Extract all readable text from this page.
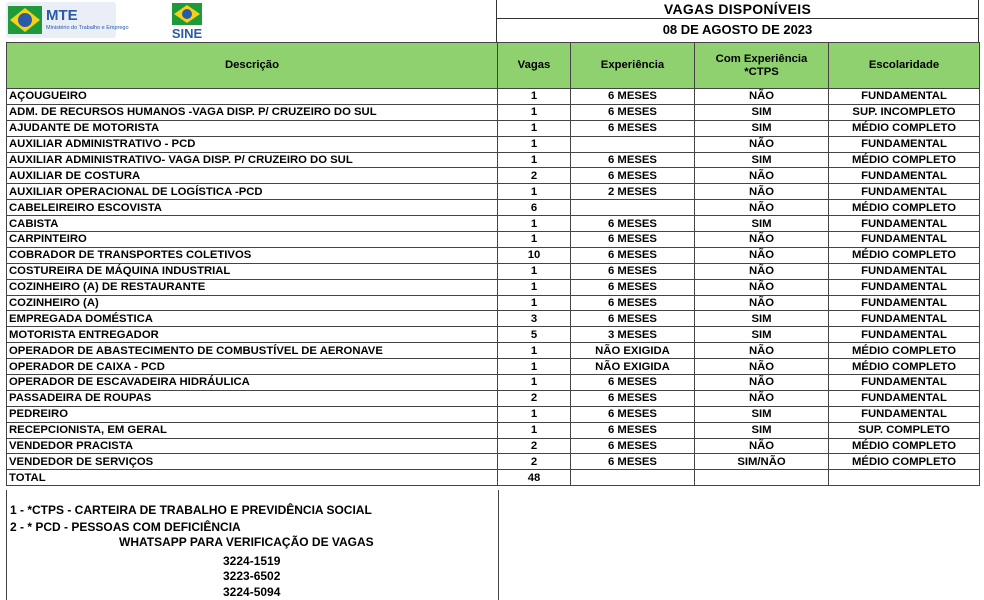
MTE
Ministério do Trabalho e Emprego	SINE
VAGAS DISPONÍVEIS
08 DE AGOSTO DE 2023
Descrição	Vagas	Experiência	Com Experiência *CTPS	Escolaridade
AÇOUGUEIRO	1	6 MESES	NÃO	FUNDAMENTAL
ADM. DE RECURSOS HUMANOS -VAGA DISP. P/ CRUZEIRO DO SUL	1	6 MESES	SIM	SUP. INCOMPLETO
AJUDANTE DE MOTORISTA	1	6 MESES	SIM	MÉDIO COMPLETO
AUXILIAR ADMINISTRATIVO - PCD	1		NÃO	FUNDAMENTAL
AUXILIAR ADMINISTRATIVO- VAGA DISP. P/ CRUZEIRO DO SUL	1	6 MESES	SIM	MÉDIO COMPLETO
AUXILIAR DE COSTURA	2	6 MESES	NÃO	FUNDAMENTAL
AUXILIAR OPERACIONAL DE LOGÍSTICA -PCD	1	2 MESES	NÃO	FUNDAMENTAL
CABELEIREIRO ESCOVISTA	6		NÃO	MÉDIO COMPLETO
CABISTA	1	6 MESES	SIM	FUNDAMENTAL
CARPINTEIRO	1	6 MESES	NÃO	FUNDAMENTAL
COBRADOR DE TRANSPORTES COLETIVOS	10	6 MESES	NÃO	MÉDIO COMPLETO
COSTUREIRA DE MÁQUINA INDUSTRIAL	1	6 MESES	NÃO	FUNDAMENTAL
COZINHEIRO (A) DE RESTAURANTE	1	6 MESES	NÃO	FUNDAMENTAL
COZINHEIRO (A)	1	6 MESES	NÃO	FUNDAMENTAL
EMPREGADA DOMÉSTICA	3	6 MESES	SIM	FUNDAMENTAL
MOTORISTA ENTREGADOR	5	3 MESES	SIM	FUNDAMENTAL
OPERADOR DE ABASTECIMENTO DE COMBUSTÍVEL DE AERONAVE	1	NÃO EXIGIDA	NÃO	MÉDIO COMPLETO
OPERADOR DE CAIXA - PCD	1	NÃO EXIGIDA	NÃO	MÉDIO COMPLETO
OPERADOR DE ESCAVADEIRA HIDRÁULICA	1	6 MESES	NÃO	FUNDAMENTAL
PASSADEIRA DE ROUPAS	2	6 MESES	NÃO	FUNDAMENTAL
PEDREIRO	1	6 MESES	SIM	FUNDAMENTAL
RECEPCIONISTA, EM GERAL	1	6 MESES	SIM	SUP. COMPLETO
VENDEDOR PRACISTA	2	6 MESES	NÃO	MÉDIO COMPLETO
VENDEDOR DE SERVIÇOS	2	6 MESES	SIM/NÃO	MÉDIO COMPLETO
TOTAL	48			
1 - *CTPS - CARTEIRA DE TRABALHO E PREVIDÊNCIA SOCIAL
2 - * PCD - PESSOAS COM DEFICIÊNCIA
WHATSAPP PARA VERIFICAÇÃO DE VAGAS
3224-1519
3223-6502
3224-5094
